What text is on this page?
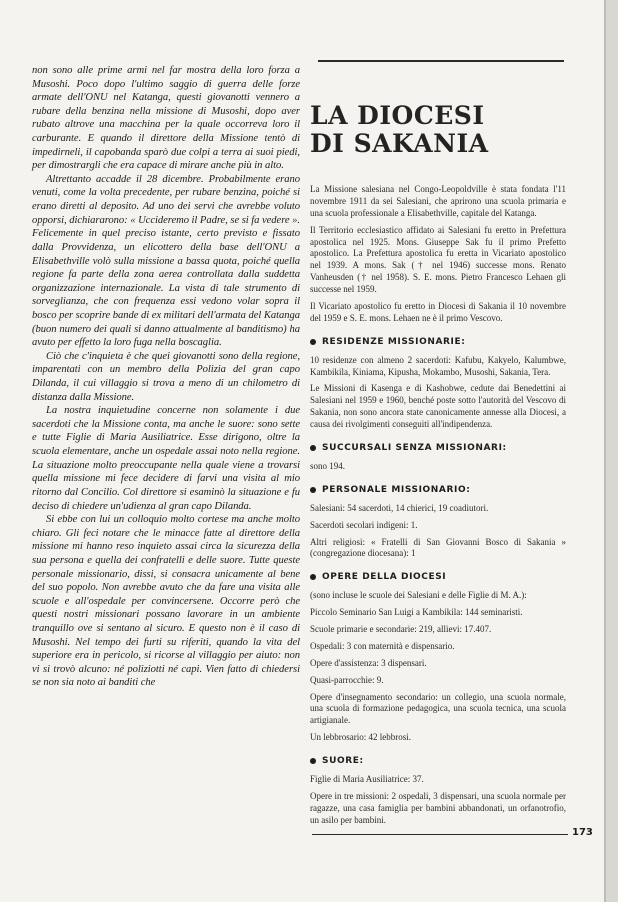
non sono alle prime armi nel far mostra della loro forza a Musoshi. Poco dopo l'ultimo saggio di guerra delle forze armate dell'ONU nel Katanga, questi giovanotti vennero a rubare della benzina nella missione di Musoshi, dopo aver rubato altrove una macchina per la quale occorreva loro il carburante. E quando il direttore della Missione tentò di impedirneli, il capobanda sparò due colpi a terra ai suoi piedi, per dimostrargli che era capace di mirare anche più in alto.

Altrettanto accadde il 28 dicembre. Probabilmente erano venuti, come la volta precedente, per rubare benzina, poiché si erano diretti al deposito. Ad uno dei servi che avrebbe voluto opporsi, dichiararono: « Uccideremo il Padre, se si fa vedere ». Felicemente in quel preciso istante, certo previsto e fissato dalla Provvidenza, un elicottero della base dell'ONU a Elisabethville volò sulla missione a bassa quota, poiché quella regione fa parte della zona aerea controllata dalla suddetta organizzazione internazionale. La vista di tale strumento di sorveglianza, che con frequenza essi vedono volar sopra il bosco per scoprire bande di ex militari dell'armata del Katanga (buon numero dei quali si danno attualmente al banditismo) ha avuto per effetto la loro fuga nella boscaglia.

Ciò che c'inquieta è che quei giovanotti sono della regione, imparentati con un membro della Polizia del gran capo Dilanda, il cui villaggio si trova a meno di un chilometro di distanza dalla Missione.

La nostra inquietudine concerne non solamente i due sacerdoti che la Missione conta, ma anche le suore: sono sette e tutte Figlie di Maria Ausiliatrice. Esse dirigono, oltre la scuola elementare, anche un ospedale assai noto nella regione. La situazione molto preoccupante nella quale viene a trovarsi quella missione mi fece decidere di farvi una visita al mio ritorno dal Concilio. Col direttore si esaminò la situazione e fu deciso di chiedere un'udienza al gran capo Dilanda.

Si ebbe con lui un colloquio molto cortese ma anche molto chiaro. Gli feci notare che le minacce fatte al direttore della missione mi hanno reso inquieto assai circa la sicurezza della sua persona e quella dei confratelli e delle suore. Tutte queste personale missionario, dissi, si consacra unicamente al bene del suo popolo. Non avrebbe avuto che da fare una visita alle scuole e all'ospedale per convincersene. Occorre però che questi nostri missionari possano lavorare in un ambiente tranquillo ove si sentano al sicuro. E questo non è il caso di Musoshi. Nel tempo dei furti su riferiti, quando la vita del superiore era in pericolo, si ricorse al villaggio per aiuto: non vi si trovò alcuno: né poliziotti né capi. Vien fatto di chiedersi se non sia noto ai banditi che

LA DIOCESI
DI SAKANIA

La Missione salesiana nel Congo-Leopoldville è stata fondata l'11 novembre 1911 da sei Salesiani, che aprirono una scuola primaria e una scuola professionale a Elisabethville, capitale del Katanga.

Il Territorio ecclesiastico affidato ai Salesiani fu eretto in Prefettura apostolica nel 1925. Mons. Giuseppe Sak fu il primo Prefetto apostolico. La Prefettura apostolica fu eretta in Vicariato apostolico nel 1939. A mons. Sak († nel 1946) successe mons. Renato Vanheusden († nel 1958). S. E. mons. Pietro Francesco Lehaen gli successe nel 1959.

Il Vicariato apostolico fu eretto in Diocesi di Sakania il 10 novembre del 1959 e S. E. mons. Lehaen ne è il primo Vescovo.

RESIDENZE MISSIONARIE:

10 residenze con almeno 2 sacerdoti: Kafubu, Kakyelo, Kalumbwe, Kambikila, Kiniama, Kipusha, Mokambo, Musoshi, Sakania, Tera.

Le Missioni di Kasenga e di Kashobwe, cedute dai Benedettini ai Salesiani nel 1959 e 1960, benché poste sotto l'autorità del Vescovo di Sakania, non sono ancora state canonicamente annesse alla Diocesi, a causa dei rivolgimenti conseguiti all'indipendenza.

SUCCURSALI SENZA MISSIONARI:

sono 194.

PERSONALE MISSIONARIO:

Salesiani: 54 sacerdoti, 14 chierici, 19 coadiutori.

Sacerdoti secolari indigeni: 1.

Altri religiosi: « Fratelli di San Giovanni Bosco di Sakania » (congregazione diocesana): 1

OPERE DELLA DIOCESI

(sono incluse le scuole dei Salesiani e delle Figlie di M. A.):

Piccolo Seminario San Luigi a Kambikila: 144 seminaristi.

Scuole primarie e secondarie: 219, allievi: 17.407.

Ospedali: 3 con maternità e dispensario.

Opere d'assistenza: 3 dispensari.

Quasi-parrocchie: 9.

Opere d'insegnamento secondario: un collegio, una scuola normale, una scuola di formazione pedagogica, una scuola tecnica, una scuola artigianale.

Un lebbrosario: 42 lebbrosi.

SUORE:

Figlie di Maria Ausiliatrice: 37.

Opere in tre missioni: 2 ospedali, 3 dispensari, una scuola normale per ragazze, una casa famiglia per bambini abbandonati, un orfanotrofio, un asilo per bambini.

173
